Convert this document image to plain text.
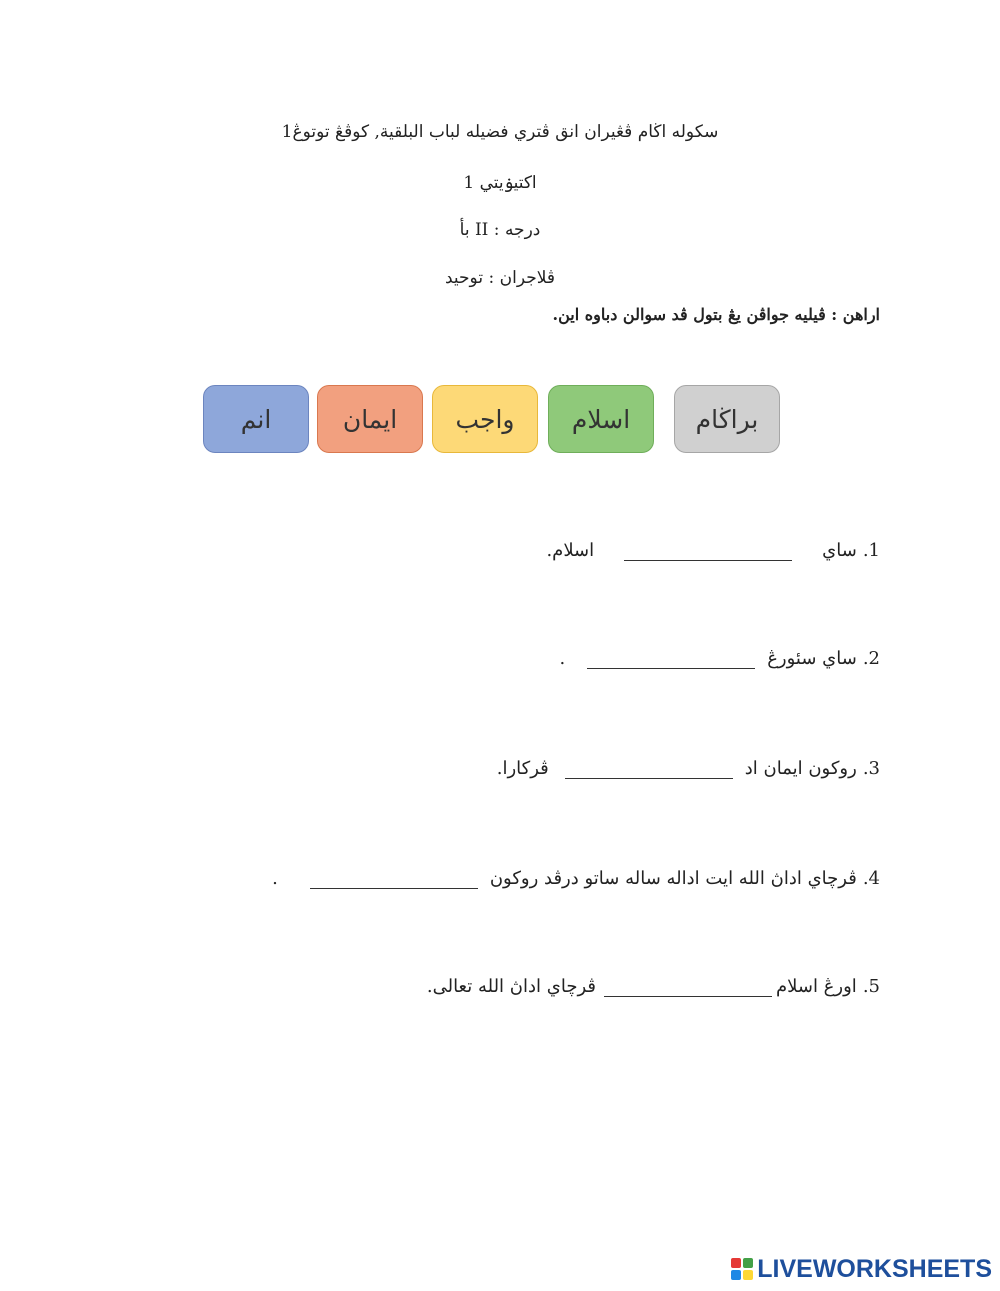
سکوله اڬام ڤڠيران انق ڤتري فضيله لباب البلقية, کوڤڠ توتوڠ1
اکتيۏيتي 1
درجه : II بأ
ڤلاجران : توحيد
اراهن : ڤيليه جواڤن يڠ بتول ڤد سوالن دباوه اين.
براڬام
اسلام
واجب
ايمان
انم
1.
ساي
اسلام.
2.
ساي سئورڠ
.
3.
روکون ايمان اد
ڤرکارا.
4.
ڤرچاي اداڽ الله ايت اداله ساله ساتو درڤد روکون
.
5.
اورڠ اسلام
ڤرچاي اداڽ الله تعالى.
LIVEWORKSHEETS
